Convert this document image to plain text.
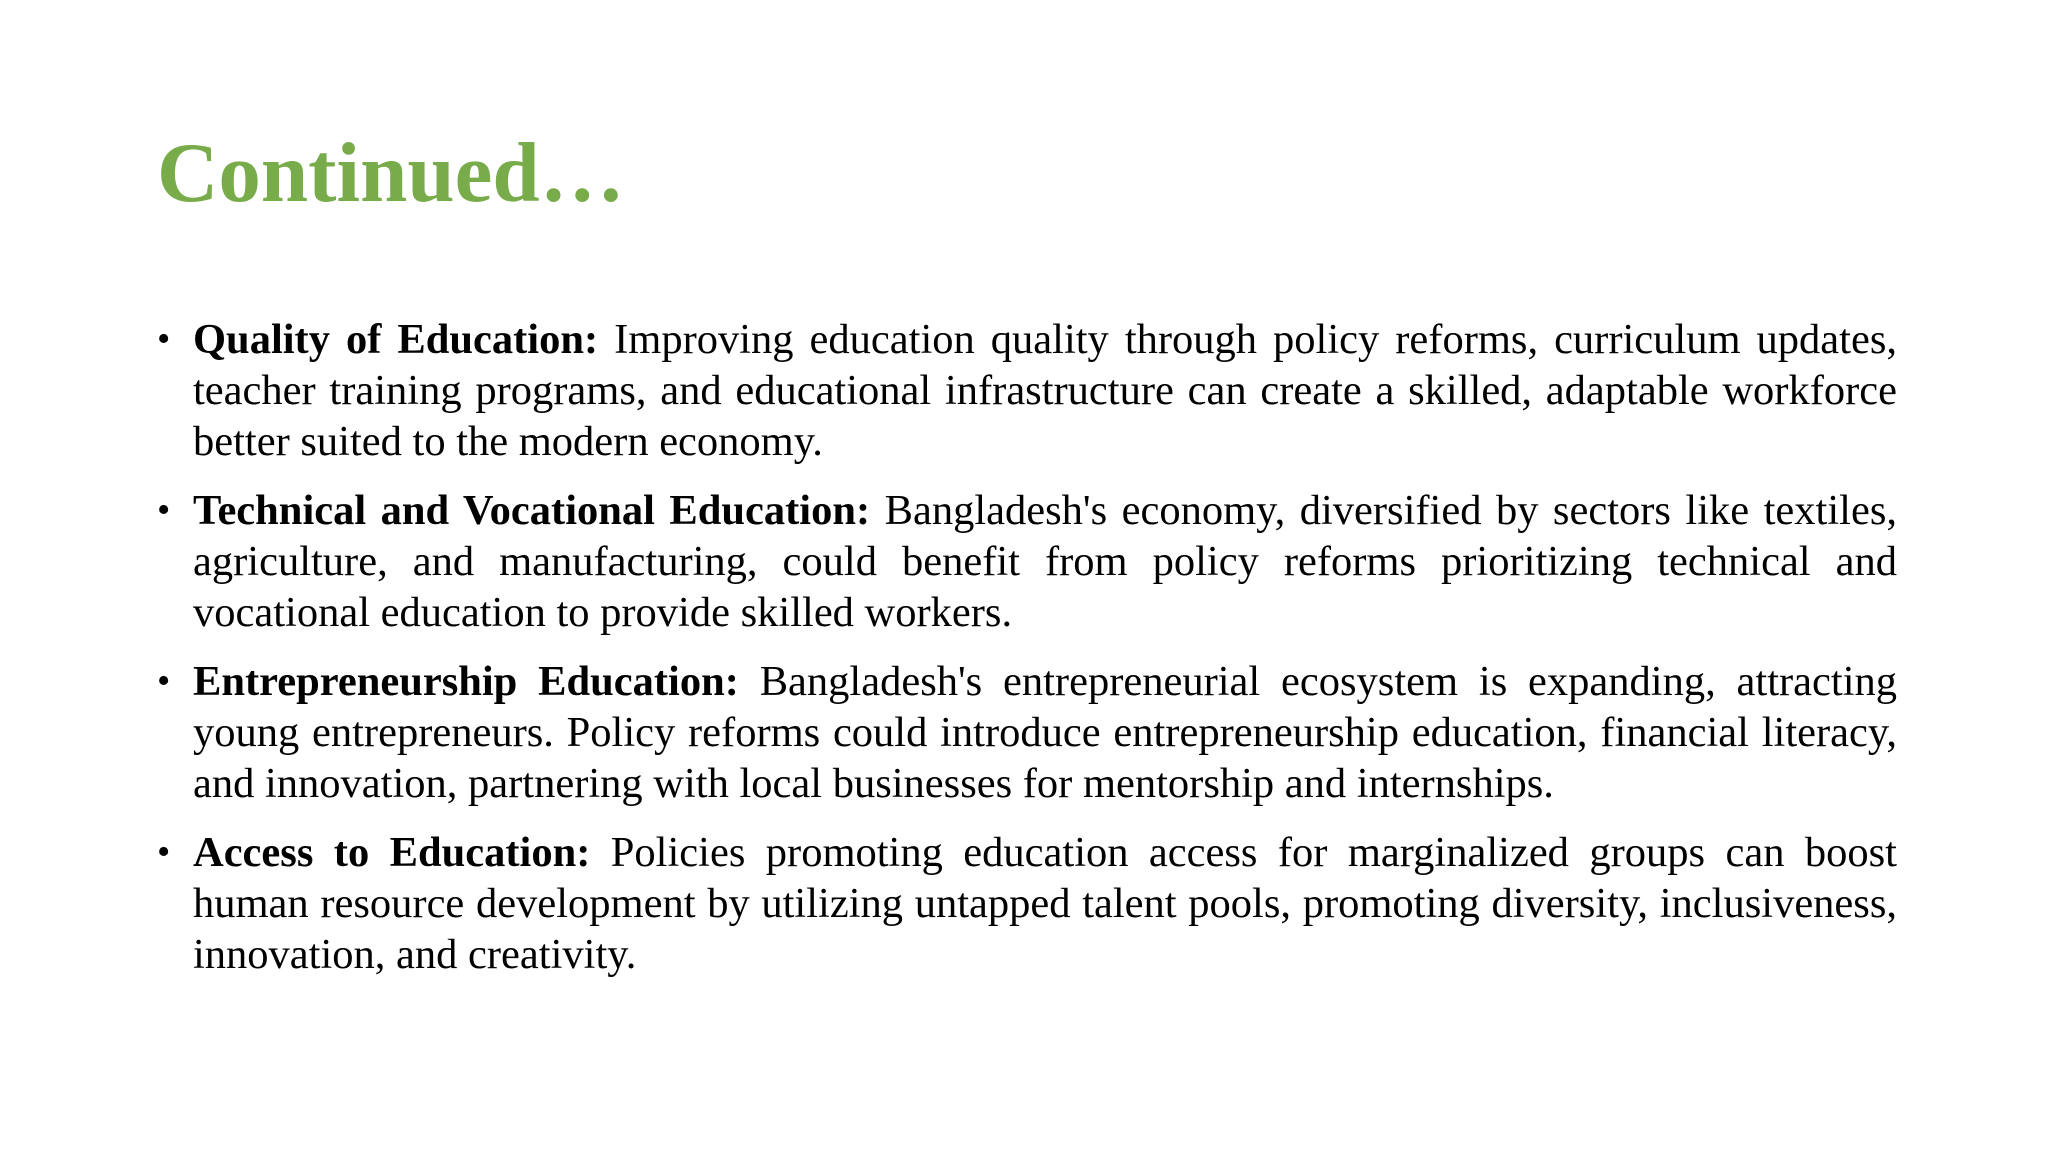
Continued…
• Quality of Education: Improving education quality through policy reforms, curriculum updates, teacher training programs, and educational infrastructure can create a skilled, adaptable workforce better suited to the modern economy.
• Technical and Vocational Education: Bangladesh's economy, diversified by sectors like textiles, agriculture, and manufacturing, could benefit from policy reforms prioritizing technical and vocational education to provide skilled workers.
• Entrepreneurship Education: Bangladesh's entrepreneurial ecosystem is expanding, attracting young entrepreneurs. Policy reforms could introduce entrepreneurship education, financial literacy, and innovation, partnering with local businesses for mentorship and internships.
• Access to Education: Policies promoting education access for marginalized groups can boost human resource development by utilizing untapped talent pools, promoting diversity, inclusiveness, innovation, and creativity.
